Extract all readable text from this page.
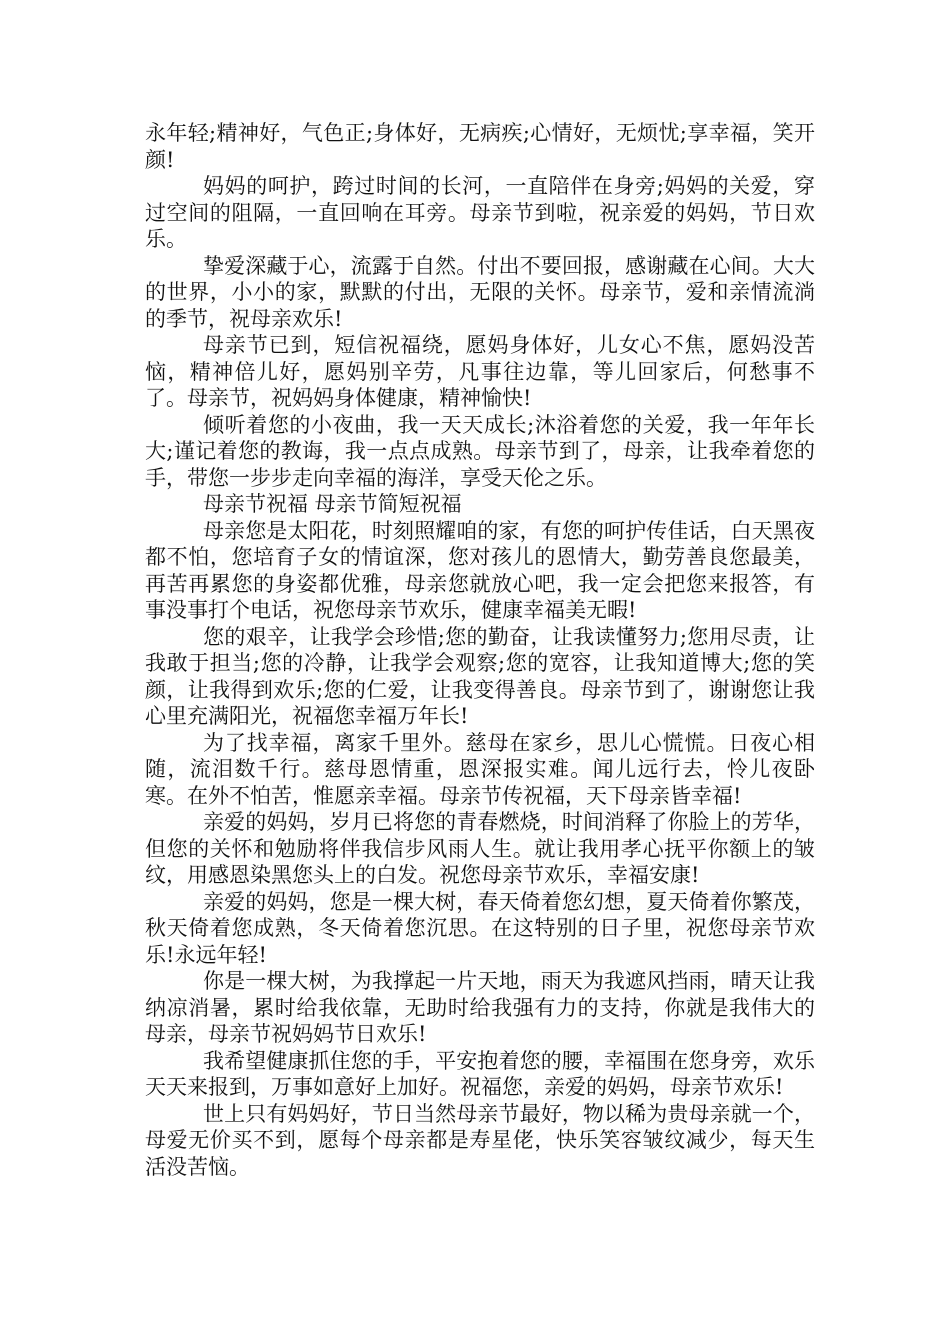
永年轻;精神好，气色正;身体好，无病疾;心情好，无烦忧;享幸福，笑开颜!

妈妈的呵护，跨过时间的长河，一直陪伴在身旁;妈妈的关爱，穿过空间的阻隔，一直回响在耳旁。母亲节到啦，祝亲爱的妈妈，节日欢乐。

挚爱深藏于心，流露于自然。付出不要回报，感谢藏在心间。大大的世界，小小的家，默默的付出，无限的关怀。母亲节，爱和亲情流淌的季节，祝母亲欢乐!

母亲节已到，短信祝福绕，愿妈身体好，儿女心不焦，愿妈没苦恼，精神倍儿好，愿妈别辛劳，凡事往边靠，等儿回家后，何愁事不了。母亲节，祝妈妈身体健康，精神愉快!

倾听着您的小夜曲，我一天天成长;沐浴着您的关爱，我一年年长大;谨记着您的教诲，我一点点成熟。母亲节到了，母亲，让我牵着您的手，带您一步步走向幸福的海洋，享受天伦之乐。

母亲节祝福 母亲节简短祝福

母亲您是太阳花，时刻照耀咱的家，有您的呵护传佳话，白天黑夜都不怕，您培育子女的情谊深，您对孩儿的恩情大，勤劳善良您最美，再苦再累您的身姿都优雅，母亲您就放心吧，我一定会把您来报答，有事没事打个电话，祝您母亲节欢乐，健康幸福美无暇!

您的艰辛，让我学会珍惜;您的勤奋，让我读懂努力;您用尽责，让我敢于担当;您的冷静，让我学会观察;您的宽容，让我知道博大;您的笑颜，让我得到欢乐;您的仁爱，让我变得善良。母亲节到了，谢谢您让我心里充满阳光，祝福您幸福万年长!

为了找幸福，离家千里外。慈母在家乡，思儿心慌慌。日夜心相随，流泪数千行。慈母恩情重，恩深报实难。闻儿远行去，怜儿夜卧寒。在外不怕苦，惟愿亲幸福。母亲节传祝福，天下母亲皆幸福!

亲爱的妈妈，岁月已将您的青春燃烧，时间消释了你脸上的芳华，但您的关怀和勉励将伴我信步风雨人生。就让我用孝心抚平你额上的皱纹，用感恩染黑您头上的白发。祝您母亲节欢乐，幸福安康!

亲爱的妈妈，您是一棵大树，春天倚着您幻想，夏天倚着你繁茂，秋天倚着您成熟，冬天倚着您沉思。在这特别的日子里，祝您母亲节欢乐!永远年轻!

你是一棵大树，为我撑起一片天地，雨天为我遮风挡雨，晴天让我纳凉消暑，累时给我依靠，无助时给我强有力的支持，你就是我伟大的母亲，母亲节祝妈妈节日欢乐!

我希望健康抓住您的手，平安抱着您的腰，幸福围在您身旁，欢乐天天来报到，万事如意好上加好。祝福您，亲爱的妈妈，母亲节欢乐!

世上只有妈妈好，节日当然母亲节最好，物以稀为贵母亲就一个，母爱无价买不到，愿每个母亲都是寿星佬，快乐笑容皱纹减少，每天生活没苦恼。
